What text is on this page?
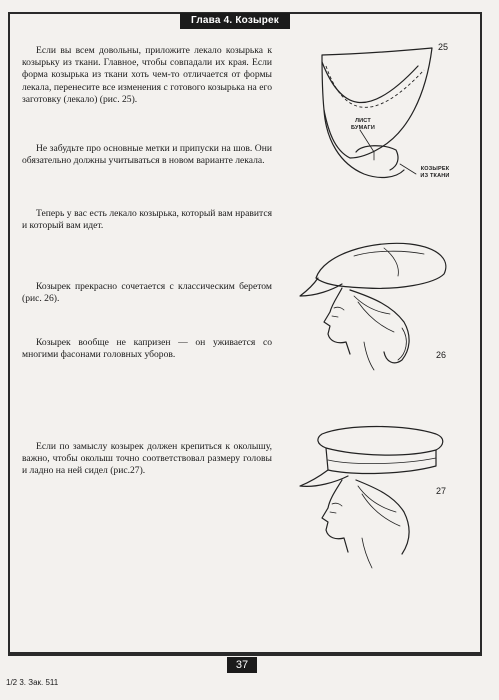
Глава 4. Козырек

Если вы всем довольны, приложите лекало козырька к козырьку из ткани. Главное, чтобы совпадали их края. Если форма козырька из ткани хоть чем-то отличается от формы лекала, перенесите все изменения с готового козырька на его заготовку (лекало) (рис. 25).

Не забудьте про основные метки и припуски на шов. Они обязательно должны учитываться в новом варианте лекала.

Теперь у вас есть лекало козырька, который вам нравится и который вам идет.

Козырек прекрасно сочетается с классическим беретом (рис. 26).

Козырек вообще не капризен — он уживается со многими фасонами головных уборов.

Если по замыслу козырек должен крепиться к околышу, важно, чтобы околыш точно соответствовал размеру головы и ладно на ней сидел (рис.27).

25
ЛИСТ БУМАГИ
КОЗЫРЕК ИЗ ТКАНИ
26
27
37
1/2 3. Зак. 511
